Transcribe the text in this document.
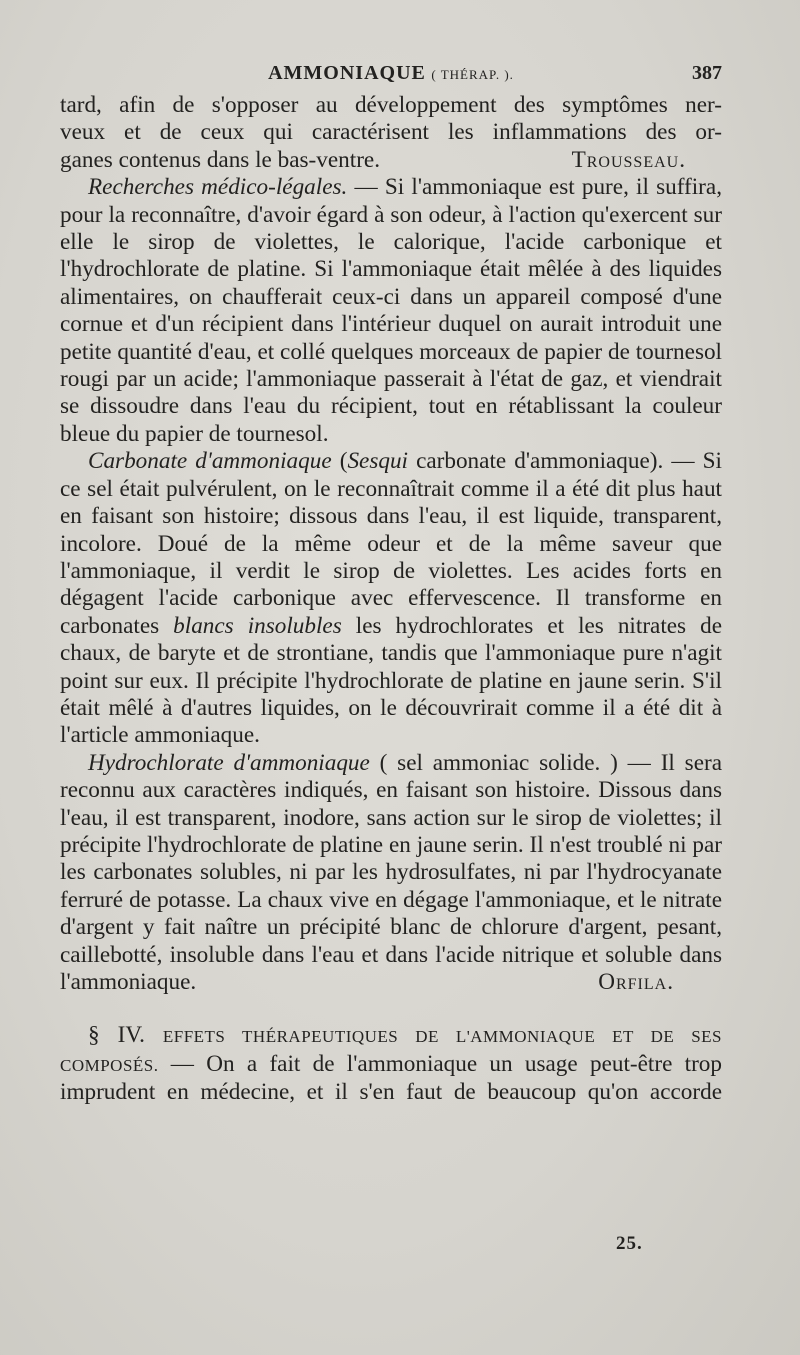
AMMONIAQUE ( THÉRAP. ).	387

tard, afin de s'opposer au développement des symptômes ner-

veux et de ceux qui caractérisent les inflammations des or-

ganes contenus dans le bas-ventre.	Trousseau.

Recherches médico-légales. — Si l'ammoniaque est pure, il suffira, pour la reconnaître, d'avoir égard à son odeur, à l'action qu'exercent sur elle le sirop de violettes, le calorique, l'acide carbonique et l'hydrochlorate de platine. Si l'ammoniaque était mêlée à des liquides alimentaires, on chaufferait ceux-ci dans un appareil composé d'une cornue et d'un récipient dans l'intérieur duquel on aurait introduit une petite quantité d'eau, et collé quelques morceaux de papier de tournesol rougi par un acide; l'ammoniaque passerait à l'état de gaz, et viendrait se dissoudre dans l'eau du récipient, tout en rétablissant la couleur bleue du papier de tournesol.

Carbonate d'ammoniaque (Sesqui carbonate d'ammoniaque). — Si ce sel était pulvérulent, on le reconnaîtrait comme il a été dit plus haut en faisant son histoire; dissous dans l'eau, il est liquide, transparent, incolore. Doué de la même odeur et de la même saveur que l'ammoniaque, il verdit le sirop de violettes. Les acides forts en dégagent l'acide carbonique avec effervescence. Il transforme en carbonates blancs insolubles les hydrochlorates et les nitrates de chaux, de baryte et de strontiane, tandis que l'ammoniaque pure n'agit point sur eux. Il précipite l'hydrochlorate de platine en jaune serin. S'il était mêlé à d'autres liquides, on le découvrirait comme il a été dit à l'article ammoniaque.

Hydrochlorate d'ammoniaque ( sel ammoniac solide. ) — Il sera reconnu aux caractères indiqués, en faisant son histoire. Dissous dans l'eau, il est transparent, inodore, sans action sur le sirop de violettes; il précipite l'hydrochlorate de platine en jaune serin. Il n'est troublé ni par les carbonates solubles, ni par les hydrosulfates, ni par l'hydrocyanate ferruré de potasse. La chaux vive en dégage l'ammoniaque, et le nitrate d'argent y fait naître un précipité blanc de chlorure d'argent, pesant, caillebotté, insoluble dans l'eau et dans l'acide nitrique et soluble dans l'ammoniaque.	Orfila.

§ IV. EFFETS THÉRAPEUTIQUES DE L'AMMONIAQUE ET DE SES COMPOSÉS. — On a fait de l'ammoniaque un usage peut-être trop imprudent en médecine, et il s'en faut de beaucoup qu'on accorde

25.
